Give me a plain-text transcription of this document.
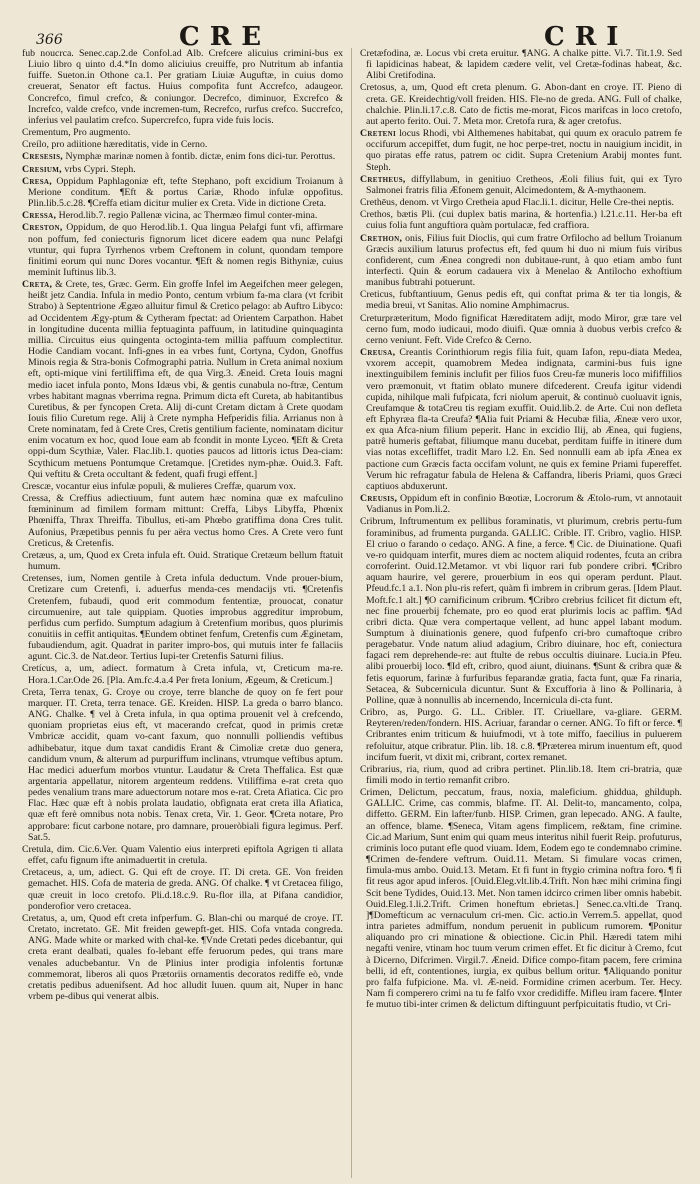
366	CRE	CRI

fub noucrca. Senec.cap.2.de Confol.ad Alb. Crefcere alicuius crimini-bus ex Liuio libro q uinto d.4.*In domo aliciuius creuiffe, pro Nutritum ab infantia fuiffe. Sueton.in Othone ca.1. Per gratiam Liuiæ Auguftæ, in cuius domo creuerat, Senator eft factus. Huius compofita funt Accrefco, adaugeor. Concrefco, fimul crefco, & coniungor. Decrefco, diminuor, Excrefco & Increfco, valde crefco, vnde incremen-tum, Recrefco, rurfus crefco. Succrefco, inferius vel paulatim crefco. Supercrefco, fupra vide fuis locis.

Crementum, Pro augmento.

Creílo, pro adiitione hæreditatis, vide in Cerno.

Cresesis, Nymphæ marinæ nomen à fontib. dictæ, enim fons dici-tur. Perottus.

Cresium, vrbs Cypri. Steph.

Cresa, Oppidum Paphlagoniæ eft, tefte Stephano, poft excidium Troianum à Merione conditum. ¶Eft & portus Cariæ, Rhodo infulæ oppofitus. Plin.lib.5.c.28. ¶Creffa etiam dicitur mulier ex Creta. Vide in dictione Creta.

Cressa, Herod.lib.7. regio Pallenæ vicina, ac Thermæo fimul conter-mina.

Creston, Oppidum, de quo Herod.lib.1. Qua lingua Pelafgi funt vfi, affirmare non poffum, fed coniecturis fignorum licet dicere eadem qua nunc Pelafgi vtuntur, qui fupra Tyrrhenos vrbem Creftonem in colunt, quondam tempore finitimi eorum qui nunc Dores vocantur. ¶Eft & nomen regis Bithyniæ, cuius meminit Iuftinus lib.3.

Creta, & Crete, tes, Græc. Germ. Ein groffe Infel im Aegeifchen meer gelegen, heißt jetz Candia. Infula in medio Ponto, centum vrbium fa-ma clara (vt fcribit Strabo) à Septentrione Ægæo alluitur fimul & Cretico pelago: ab Auftro Libyco: ad Occidentem Ægy-ptum & Cytheram fpectat: ad Orientem Carpathon. Habet in longitudine ducenta millia feptuaginta paffuum, in latitudine quinquaginta millia. Circuitus eius quingenta octoginta-tem millia paffuum complectitur. Hodie Candiam vocant. Infi-gnes in ea vrbes funt, Cortyna, Cydon, Gnoffus Minois regia & Stra-bonis Cofmographi patria. Nullum in Creta animal noxium eft, opti-mique vini fertiliffima eft, de qua Virg.3. Æneid. Creta Iouis magni medio iacet infula ponto, Mons Idæus vbi, & gentis cunabula no-ftræ, Centum vrbes habitant magnas vberrima regna. Primum dicta eft Cureta, ab habitantibus Curetibus, & per fyncopen Creta. Alij di-cunt Cretam dictam à Crete quodam Iouis filio Curetum rege. Alij à Crete nympha Hefperidis filia. Arrianus non à Crete nominatam, fed à Crete Cres, Cretis gentilium faciente, nominatam dicitur enim vocatum ex hoc, quod Ioue eam ab fcondit in monte Lyceo. ¶Eft & Creta oppi-dum Scythiæ, Valer. Flac.lib.1. quoties paucos ad littoris ictus Dea-ciam: Scythicum metuens Pontumque Cretamque. [Cretides nym-phæ. Ouid.3. Faft. Qui veftitu & Creta occultant & fedent, quafi frugi effent.]

Crescæ, vocantur eius infulæ populi, & mulieres Creffæ, quarum vox.

Cressa, & Creffius adiectiuum, funt autem hæc nomina quæ ex mafculino fœmininum ad fimilem formam mittunt: Creffa, Libys Libyffa, Phœnix Phœniffa, Thrax Threiffa. Tibullus, eti-am Phœbo gratiffima dona Cres tulit. Aufonius, Præpetibus pennis fu per aëra vectus homo Cres. A Crete vero funt Creticus, & Cretenfis.

Cretæus, a, um, Quod ex Creta infula eft. Ouid. Stratique Cretæum bellum ftatuit humum.

Cretenses, ium, Nomen gentile à Creta infula deductum. Vnde prouer-bium, Cretizare cum Cretenfi, i. aduerfus menda-ces mendacijs vti. ¶Cretenfis Cretenfem, fubaudi, quod erit commodum fententiæ, prouocat, conatur circumuenire, aut tale quippiam. Quoties improbus aggreditur improbum, perfidus cum perfido. Sumptum adagium à Cretenfium moribus, quos plurimis conuitiis in ceffit antiquitas. ¶Eundem obtinet fenfum, Cretenfis cum Æginetam, fubaudiendum, agit. Quadrat in pariter impro-bos, qui mutuis inter fe fallaciis agunt. Cic.3. de Nat.deor. Tertius Iupi-ter Cretenfis Saturni filius.

Cretícus, a, um, adiect. formatum à Creta infula, vt, Creticum ma-re. Hora.1.Car.Ode 26. [Pla. Am.fc.4.a.4 Per freta Ionium, Ægeum, & Creticum.]

Creta, Terra tenax, G. Croye ou croye, terre blanche de quoy on fe fert pour marquer. IT. Creta, terra tenace. GE. Kreiden. HISP. La greda o barro blanco. ANG. Chalke. ¶ vel à Creta infula, in qua optima prouenit vel à crefcendo, quoniam proprietas eius eft, vt macerando crefcat, quod in primis cretæ Vmbricæ accidit, quam vo-cant faxum, quo nonnulli polliendis veftibus adhibebatur, itque dum taxat candidis Erant & Cimoliæ cretæ duo genera, candidum vnum, & alterum ad purpuriffum inclinans, vtrumque veftibus aptum. Hac medici aduerfum morbos vtuntur. Laudatur & Creta Theffalica. Est quæ argentaria appellatur, nitorem argenteum reddens. Vtiliffima e-rat creta quo pedes venalium trans mare aduectorum notare mos e-rat. Creta Afiatica. Cic pro Flac. Hæc quæ eft à nobis prolata laudatio, obfignata erat creta illa Afiatica, quæ eft ferè omnibus nota nobis. Tenax creta, Vir. 1. Geor. ¶Creta notare, Pro approbare: ficut carbone notare, pro damnare, proueròbiali figura legimus. Perf. Sat.5.

Cretula, dim. Cic.6.Ver. Quam Valentio eius interpreti epiftola Agrigen ti allata effet, cafu fignum ifte animaduertit in cretula.

Cretaceus, a, um, adiect. G. Qui eft de croye. IT. Di creta. GE. Von freiden gemachet. HIS. Cofa de materia de greda. ANG. Of chalke. ¶ vt Cretacea filigo, quæ creuit in loco cretofo. Pli.d.18.c.9. Ru-flor illa, at Pifana candidior, ponderofior vero cretacea.

Cretatus, a, um, Quod eft creta infperfum. G. Blan-chi ou marqué de croye. IT. Cretato, incretato. GE. Mit freiden gewepft-get. HIS. Cofa vntada congreda. ANG. Made white or marked with chal-ke. ¶Vnde Cretati pedes dicebantur, qui creta erant dealbati, quales fo-lebant effe feruorum pedes, qui trans mare venales aducbebantur. Vn de Plinius inter prodigia infolentis fortunæ commemorat, liberos ali quos Prætoriis ornamentis decoratos rediffe eò, vnde cretatis pedibus aduenifsent. Ad hoc alludit Iuuen. quum ait, Nuper in hanc vrbem pe-dibus qui venerat albis.

Cretæfodina, æ. Locus vbi creta eruitur. ¶ANG. A chalke pitte. Vi.7. Tit.1.9. Sed fi lapidicinas habeat, & lapidem cædere velit, vel Cretæ-fodinas habeat, &c. Alibi Cretifodina.

Cretosus, a, um, Quod eft creta plenum. G. Abon-dant en croye. IT. Pieno di creta. GE. Kreidechtig/voll freiden. HIS. Fle-no de greda. ANG. Full of chalke, chalchie. Plin.li.17.c.8. Cato de fictis me-morat, Ficos marifcas in loco cretofo, aut aperto ferito. Oui. 7. Meta mor. Cretofa rura, & ager cretofus.

Creteni locus Rhodi, vbi Althemenes habitabat, qui quum ex oraculo patrem fe occifurum accepiffet, dum fugit, ne hoc perpe-tret, noctu in nauigium incidit, in quo piratas effe ratus, patrem oc cidit. Supra Cretenium Arabij montes funt. Steph.

Cretheus, diffyllabum, in genitiuo Cretheos, Æoli filius fuit, qui ex Tyro Salmonei fratris filia Æfonem genuit, Alcimedontem, & A-mythaonem.

Crethēus, denom. vt Virgo Cretheia apud Flac.li.1. dicitur, Helle Cre-thei neptis.

Crethos, bætis Pli. (cui duplex batis marina, & hortenfia.) l.21.c.11. Her-ba eft cuius folia funt anguftiora quàm portulacæ, fed craffiora.

Crethon, onis, Filius fuit Dioclis, qui cum fratre Orfilocho ad bellum Troianum Græcis auxilium laturus profectus eft, fed quum hi duo ni mium fuis viribus confiderent, cum Ænea congredi non dubitaue-runt, à quo etiam ambo funt interfecti. Quin & eorum cadauera vix à Menelao & Antilocho exhoftium manibus fubtrahi potuerunt.

Creticus, fubftantiuum, Genus pedis eft, qui conftat prima & ter tia longis, & media breui, vt Sanitas. Alio nomine Amphimacrus.

Creturpræteritum, Modo fignificat Hæreditatem adijt, modo Miror, græ tare vel cerno fum, modo iudicaui, modo diuifi. Quæ omnia à duobus verbis crefco & cerno veniunt. Feft. Vide Crefco & Cerno.

Creusa, Creantis Corinthiorum regis filia fuit, quam Iafon, repu-diata Medea, vxorem accepit, quamobrem Medea indignata, carmini-bus fuis igne inextinguibilem feminis inclufit per filios fuos Creu-fæ muneris loco mififfilios vero præmonuit, vt ftatim oblato munere difcederent. Creufa igitur videndi cupida, nihilque mali fufpicata, fcri niolum aperuit, & continuò cuoluavit ignis, Creufamque & totaCreu tis regiam exuffit. Ouid.lib.2. de Arte. Cui non defleta eft Ephyræa fla-ta Creufa? ¶Alia fuit Priami & Hecubæ filia, Æneæ vero uxor, ex qua Afca-nium filium peperit. Hanc in excidio Ilij, ab Ænea, qui fugiens, patrê humeris geftabat, filiumque manu ducebat, perditam fuiffe in itinere dum vias notas excefliffet, tradit Maro l.2. En. Sed nonnulli eam ab ipfa Ænea ex pactione cum Græcis facta occifam volunt, ne quis ex femine Priami fupereffet. Verum hic refragatur fabula de Helena & Caffandra, liberis Priami, quos Græci captiuos abduxerunt.

Creusis, Oppidum eft in confinio Bœotiæ, Locrorum & Ætolo-rum, vt annotauit Vadianus in Pom.li.2.

Cribrum, Inftrumentum ex pellibus foraminatis, vt plurimum, crebris pertu-fum foraminibus, ad frumenta purganda. GALLIC. Crible. IT. Cribro, vaglio. HISP. El criuo o farando o cedaço. ANG. A fine, a ferce. ¶ Cic. de Diuinatione. Quafi ve-ro quidquam interfit, mures diem ac noctem aliquid rodentes, fcuta an cribra corroferint. Ouid.12.Metamor. vt vbi liquor rari fub pondere cribri. ¶Cribro aquam haurire, vel gerere, prouerbium in eos qui operam perdunt. Plaut. Pfeud.fc.1 a.1. Non plu-ris refert, quàm fi imbrem in cribrum geras. [Idem Plaut. Moft.fc.1 alt.] ¶O carnificinum cribrum. ¶Cribro crebrius fcilicet fit dictum eft, nec fine prouerbij fchemate, pro eo quod erat plurimis locis ac paffim. ¶Ad cribri dicta. Quæ vera compertaque vellent, ad hunc appel labant modum. Sumptum à diuinationis genere, quod fufpenfo cri-bro cumaftoque cribro peragebatur. Vnde natum aliud adagium, Cribro diuinare, hoc eft, coniectura fagaci rem deprehende-re: aut ftulte de rebus occultis diuinare. Lucia.in Pfeu. alibi prouerbij loco. ¶Id eft, cribro, quod aiunt, diuinans. ¶Sunt & cribra quæ & fetis equorum, farinæ à furfuribus feparandæ gratia, facta funt, quæ Fa rinaria, Setacea, & Subcernicula dicuntur. Sunt & Excufforia à lino & Pollinaria, à Polline, quæ à nonnullis ab incernendo, Incernicula di-cta funt.

Cribro, as, Purgo. G. LL. Cribler. IT. Criuellare, va-gliare. GERM. Reyteren/reden/fondern. HIS. Acriuar, farandar o cerner. ANG. To fift or ferce. ¶ Cribrantes enim triticum & huiufmodi, vt à tote miffo, faecilius in puluerem refoluitur, atque cribratur. Plin. lib. 18. c.8. ¶Præterea mirum inuentum eft, quod incifum fuerit, vt dixit mi, cribrant, cortex remanet.

Cribrarius, ria, rium, quod ad cribra pertinet. Plin.lib.18. Item cri-bratria, quæ fimili modo in tertio remanfit cribro.

Crimen, Delictum, peccatum, fraus, noxia, maleficium. ghiddua, ghilduph. GALLIC. Crime, cas commis, blafme. IT. Al. Delit-to, mancamento, colpa, diffetto. GERM. Ein lafter/funb. HISP. Crimen, gran lepecado. ANG. A faulte, an offence, blame. ¶Seneca, Vitam agens fimplicem, re&tam, fine crimine. Cic.ad Marium, Sunt enim qui quam meus interitus nihil fuerit Reip. profuturus, criminis loco putant efle quod viuam. Idem, Eodem ego te condemnabo crimine. ¶Crimen de-fendere veftrum. Ouid.11. Metam. Si fimulare vocas crimen, fimula-mus ambo. Ouid.13. Metam. Et fi funt in ftygio crimina noftra foro. ¶ fi fit reus agor apud inferos. [Ouid.Eleg.vlt.lib.4.Trift. Non hæc mihi crimina fingi Scit bene Tydides, Ouid.13. Met. Non tamen idcirco crimen liber omnis habebit. Ouid.Eleg.1.li.2.Trift. Crimen honeftum ebrietas.] Senec.ca.vlti.de Tranq. ]¶Domefticum ac vernaculum cri-men. Cic. actio.in Verrem.5. appellat, quod intra parietes admiffum, nondum peruenit in publicum rumorem. ¶Ponitur aliquando pro cri minatione & obiectione. Cic.in Phil. Hæredi tatem mihi negafti venire, vtinam hoc tuum verum crimen effet. Et fic dicitur à Cremo, fcut à Dicerno, Difcrimen. Virgil.7. Æneid. Difice compo-fitam pacem, fere crimina belli, id eft, contentiones, iurgia, ex quibus bellum oritur. ¶Aliquando ponitur pro falfa fufpicione. Ma. vl. Æ-neid. Formidine crimen acerbum. Ter. Hecy. Nam fi comperero crimi na tu fe falfo vxor credidiffe. Mifleu iram facere. ¶Inter fe mutuo tibi-inter crimen & delictum diftinguunt perfpicuitatis ftudio, vt Cri-
